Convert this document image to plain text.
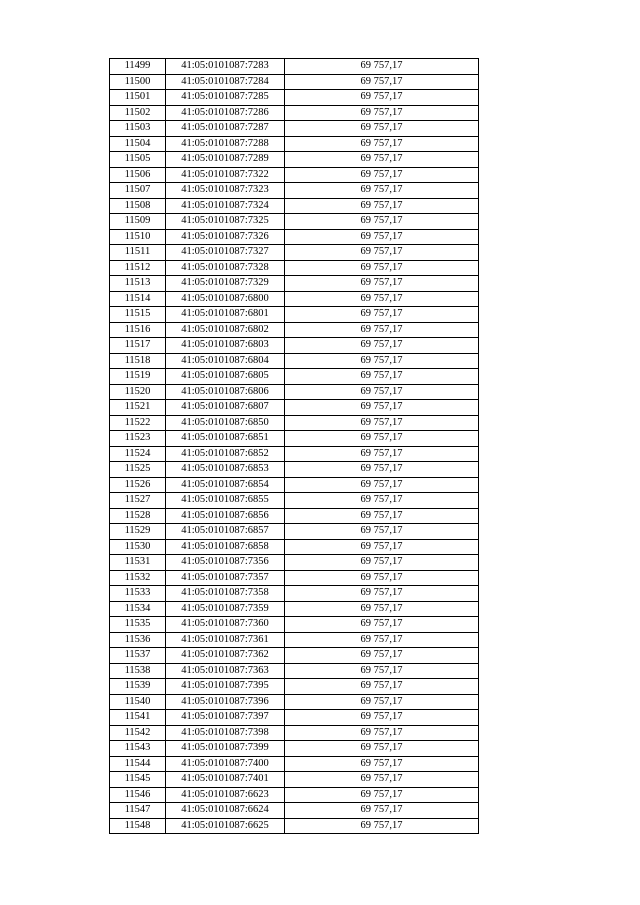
11499	41:05:0101087:7283	69 757,17
11500	41:05:0101087:7284	69 757,17
11501	41:05:0101087:7285	69 757,17
11502	41:05:0101087:7286	69 757,17
11503	41:05:0101087:7287	69 757,17
11504	41:05:0101087:7288	69 757,17
11505	41:05:0101087:7289	69 757,17
11506	41:05:0101087:7322	69 757,17
11507	41:05:0101087:7323	69 757,17
11508	41:05:0101087:7324	69 757,17
11509	41:05:0101087:7325	69 757,17
11510	41:05:0101087:7326	69 757,17
11511	41:05:0101087:7327	69 757,17
11512	41:05:0101087:7328	69 757,17
11513	41:05:0101087:7329	69 757,17
11514	41:05:0101087:6800	69 757,17
11515	41:05:0101087:6801	69 757,17
11516	41:05:0101087:6802	69 757,17
11517	41:05:0101087:6803	69 757,17
11518	41:05:0101087:6804	69 757,17
11519	41:05:0101087:6805	69 757,17
11520	41:05:0101087:6806	69 757,17
11521	41:05:0101087:6807	69 757,17
11522	41:05:0101087:6850	69 757,17
11523	41:05:0101087:6851	69 757,17
11524	41:05:0101087:6852	69 757,17
11525	41:05:0101087:6853	69 757,17
11526	41:05:0101087:6854	69 757,17
11527	41:05:0101087:6855	69 757,17
11528	41:05:0101087:6856	69 757,17
11529	41:05:0101087:6857	69 757,17
11530	41:05:0101087:6858	69 757,17
11531	41:05:0101087:7356	69 757,17
11532	41:05:0101087:7357	69 757,17
11533	41:05:0101087:7358	69 757,17
11534	41:05:0101087:7359	69 757,17
11535	41:05:0101087:7360	69 757,17
11536	41:05:0101087:7361	69 757,17
11537	41:05:0101087:7362	69 757,17
11538	41:05:0101087:7363	69 757,17
11539	41:05:0101087:7395	69 757,17
11540	41:05:0101087:7396	69 757,17
11541	41:05:0101087:7397	69 757,17
11542	41:05:0101087:7398	69 757,17
11543	41:05:0101087:7399	69 757,17
11544	41:05:0101087:7400	69 757,17
11545	41:05:0101087:7401	69 757,17
11546	41:05:0101087:6623	69 757,17
11547	41:05:0101087:6624	69 757,17
11548	41:05:0101087:6625	69 757,17
